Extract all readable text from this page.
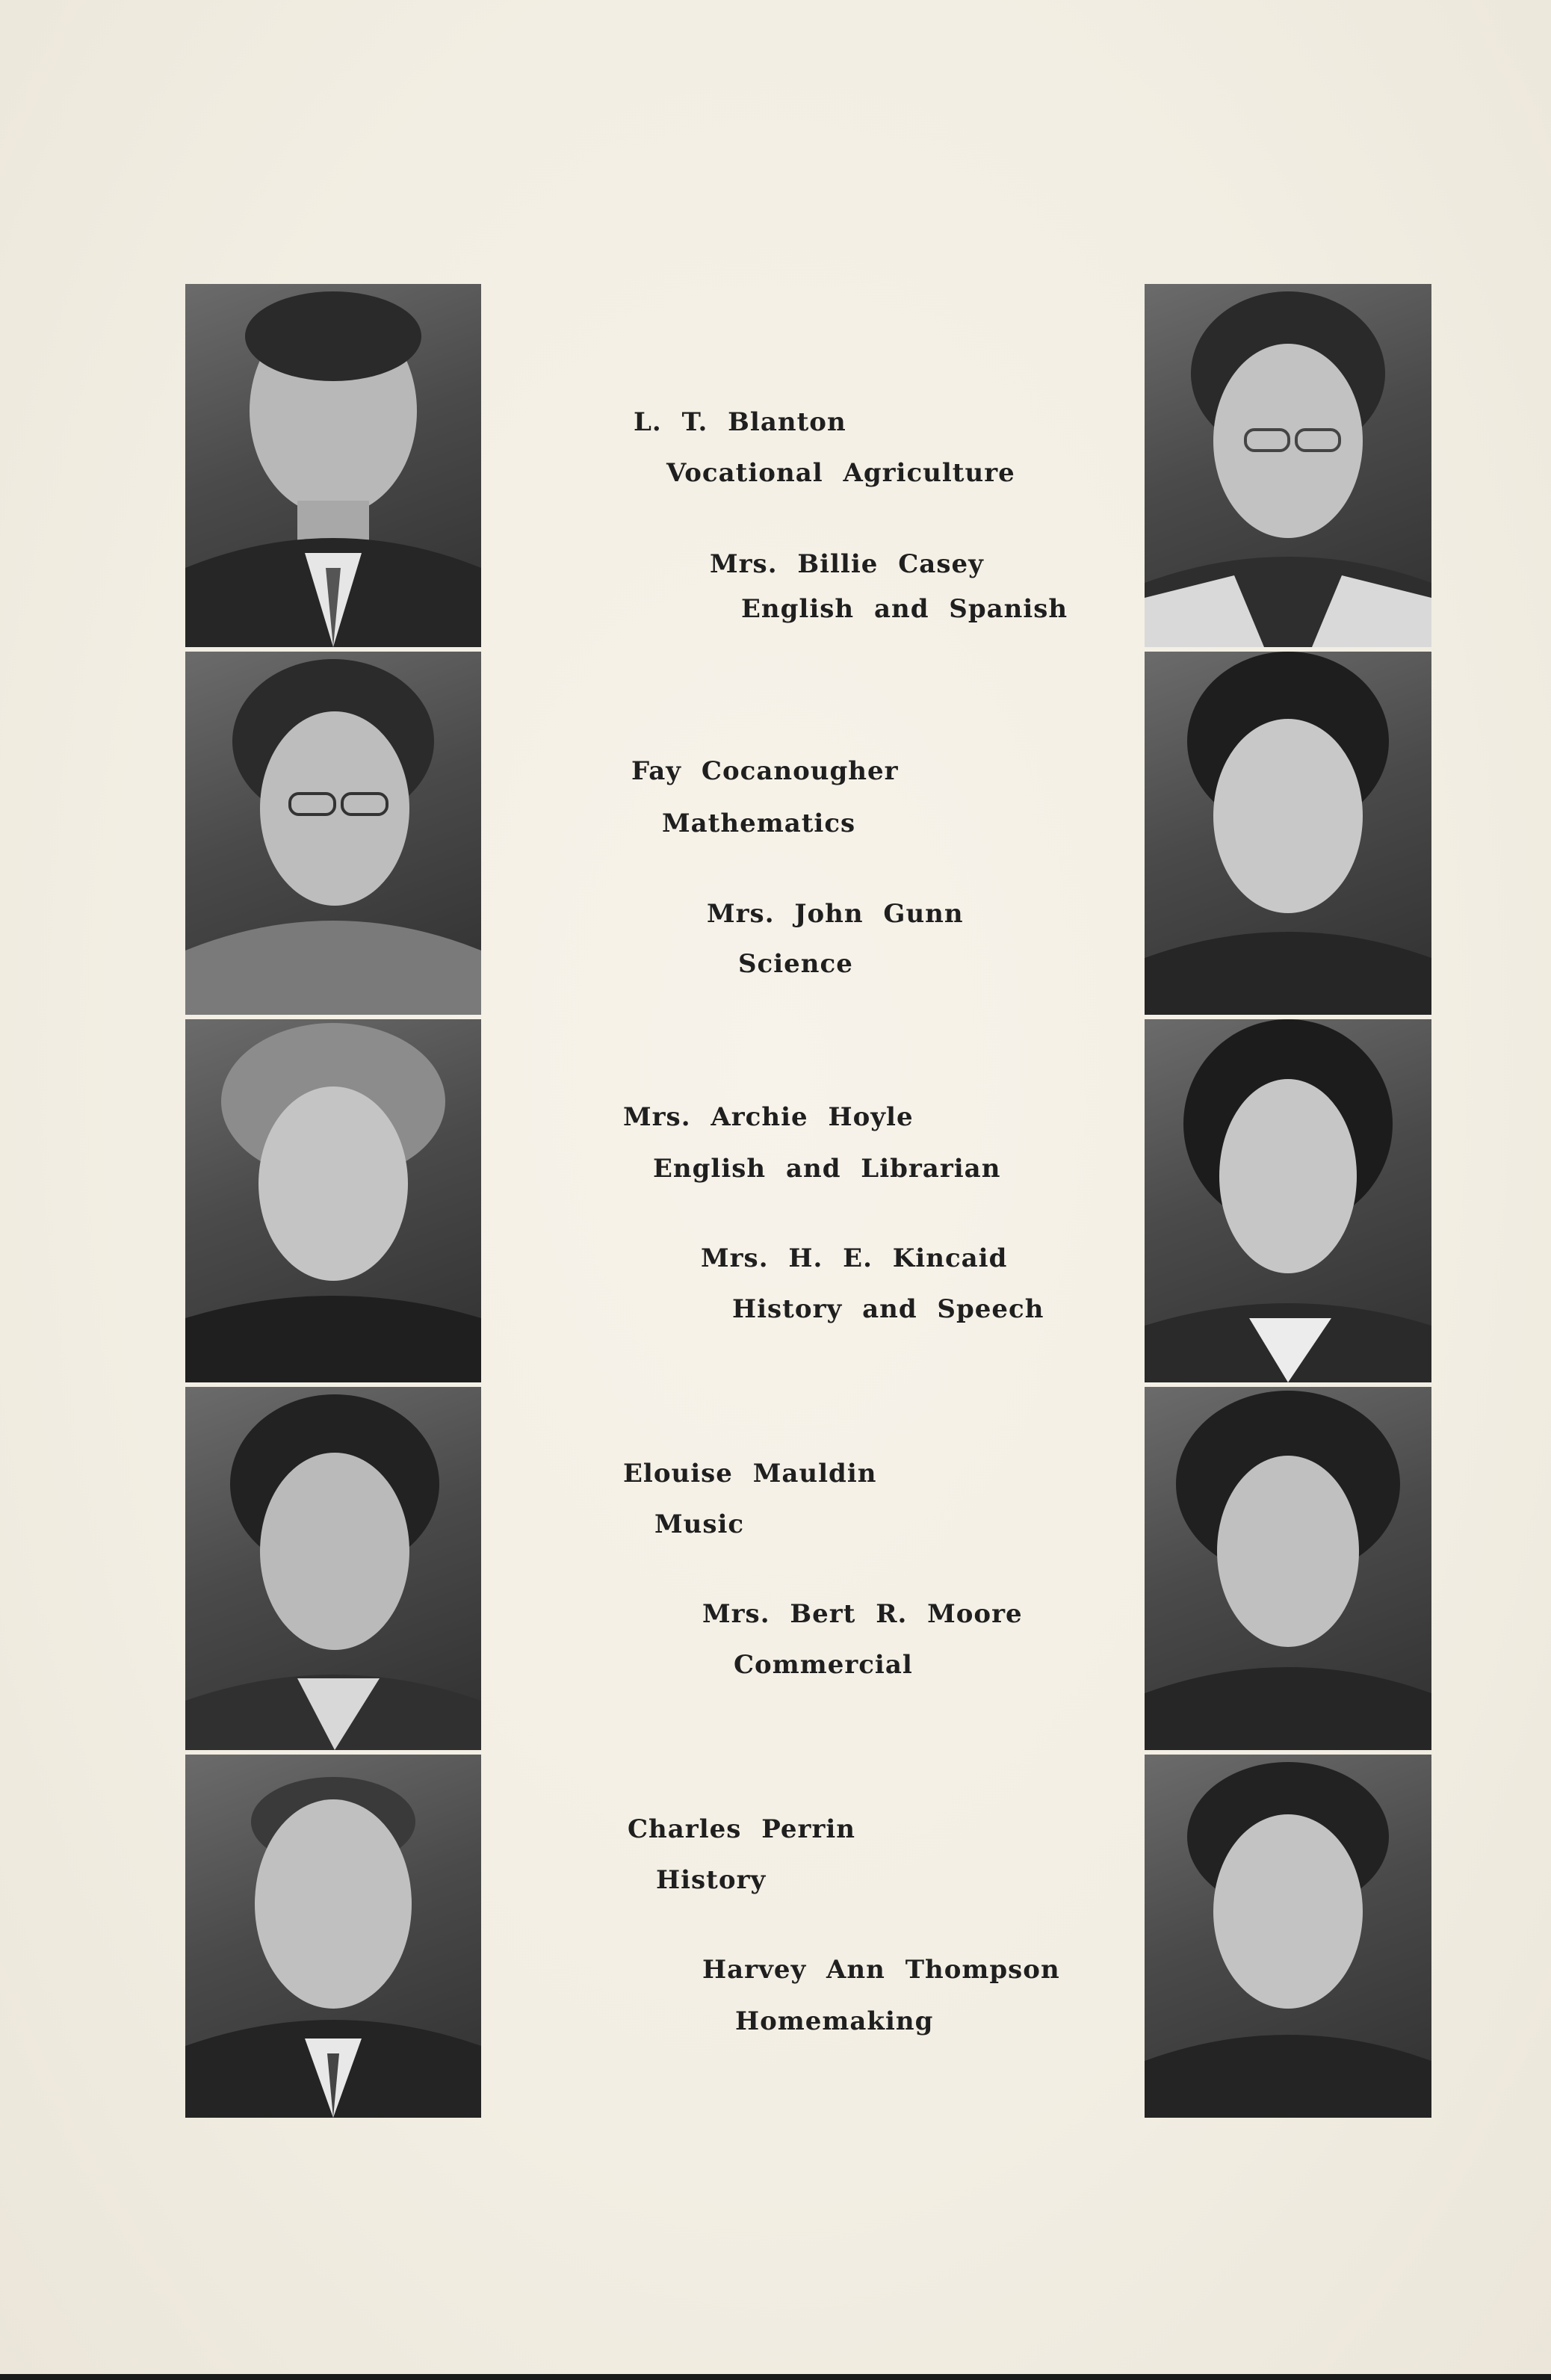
L. T. Blanton
Vocational Agriculture
Mrs. Billie Casey
English and Spanish
Fay Cocanougher
Mathematics
Mrs. John Gunn
Science
Mrs. Archie Hoyle
English and Librarian
Mrs. H. E. Kincaid
History and Speech
Elouise Mauldin
Music
Mrs. Bert R. Moore
Commercial
Charles Perrin
History
Harvey Ann Thompson
Homemaking
